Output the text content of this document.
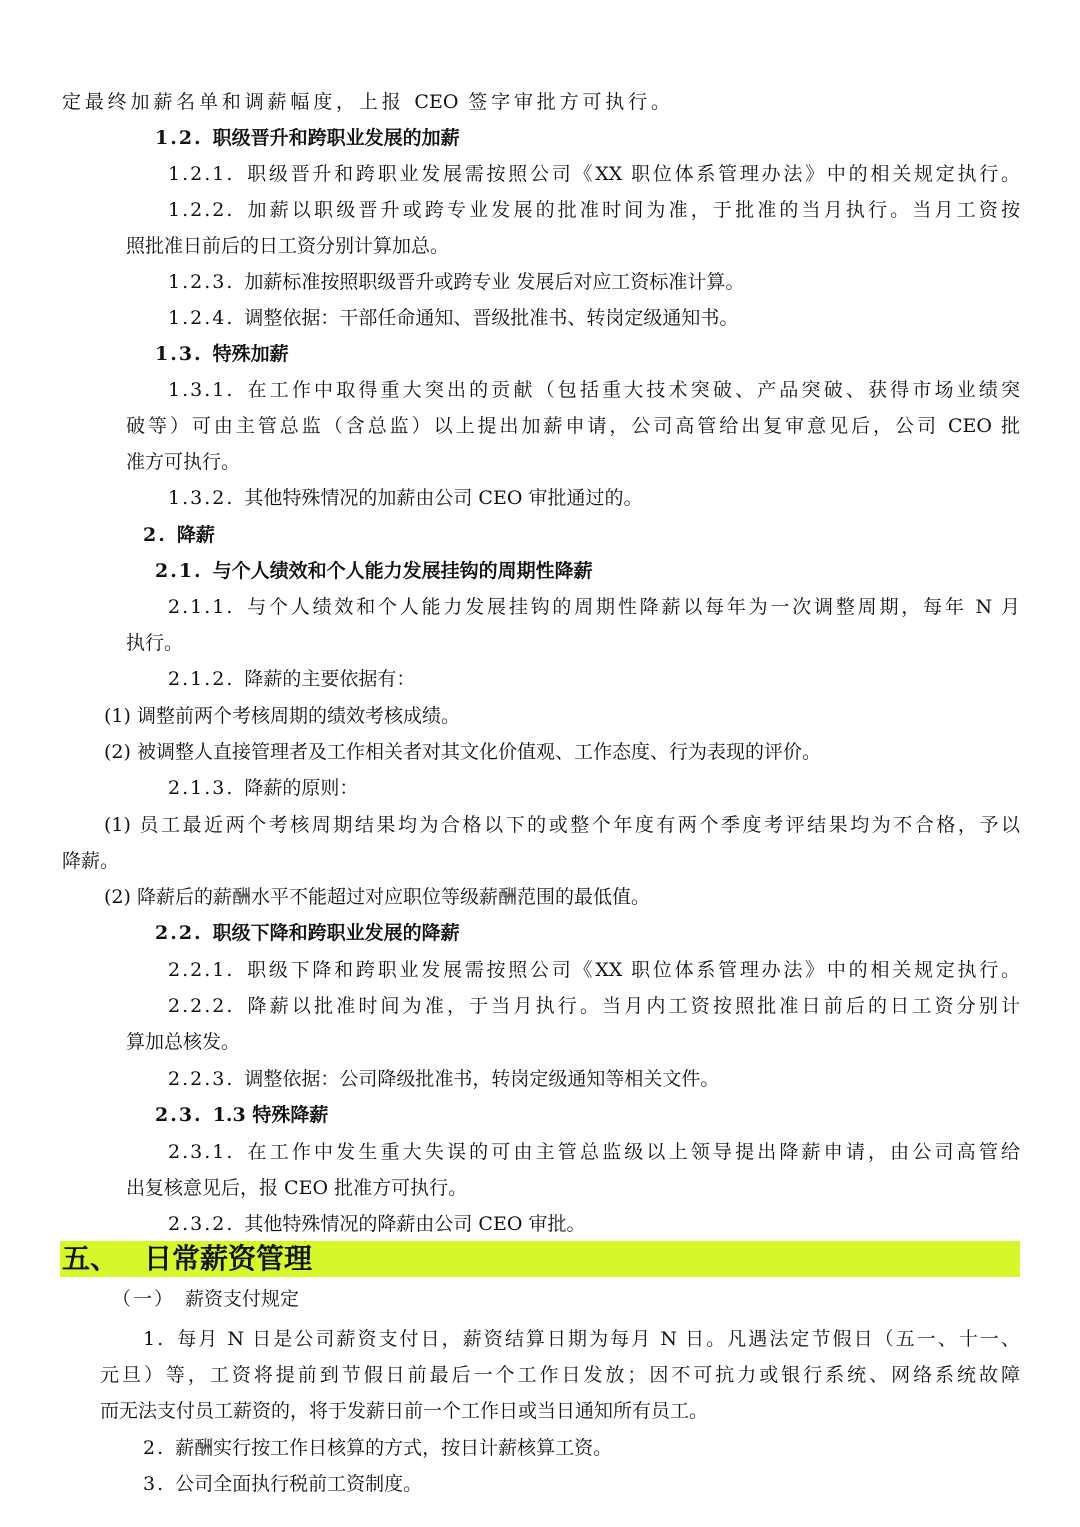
定最终加薪名单和调薪幅度，上报 CEO 签字审批方可执行。
1.2. 职级晋升和跨职业发展的加薪
1.2.1. 职级晋升和跨职业发展需按照公司《XX 职位体系管理办法》中的相关规定执行。
1.2.2. 加薪以职级晋升或跨专业发展的批准时间为准，于批准的当月执行。当月工资按
照批准日前后的日工资分别计算加总。
1.2.3. 加薪标准按照职级晋升或跨专业 发展后对应工资标准计算。
1.2.4. 调整依据：干部任命通知、晋级批准书、转岗定级通知书。
1.3. 特殊加薪
1.3.1. 在工作中取得重大突出的贡献（包括重大技术突破、产品突破、获得市场业绩突
破等）可由主管总监（含总监）以上提出加薪申请，公司高管给出复审意见后，公司 CEO 批
准方可执行。
1.3.2. 其他特殊情况的加薪由公司 CEO 审批通过的。
2. 降薪
2.1. 与个人绩效和个人能力发展挂钩的周期性降薪
2.1.1. 与个人绩效和个人能力发展挂钩的周期性降薪以每年为一次调整周期，每年 N 月
执行。
2.1.2. 降薪的主要依据有：
(1) 调整前两个考核周期的绩效考核成绩。
(2) 被调整人直接管理者及工作相关者对其文化价值观、工作态度、行为表现的评价。
2.1.3. 降薪的原则：
(1) 员工最近两个考核周期结果均为合格以下的或整个年度有两个季度考评结果均为不合格，予以
降薪。
(2) 降薪后的薪酬水平不能超过对应职位等级薪酬范围的最低值。
2.2. 职级下降和跨职业发展的降薪
2.2.1. 职级下降和跨职业发展需按照公司《XX 职位体系管理办法》中的相关规定执行。
2.2.2. 降薪以批准时间为准，于当月执行。当月内工资按照批准日前后的日工资分别计
算加总核发。
2.2.3. 调整依据：公司降级批准书，转岗定级通知等相关文件。
2.3. 1.3 特殊降薪
2.3.1. 在工作中发生重大失误的可由主管总监级以上领导提出降薪申请，由公司高管给
出复核意见后，报 CEO 批准方可执行。
2.3.2. 其他特殊情况的降薪由公司 CEO 审批。
五、 日常薪资管理
（一） 薪资支付规定
1. 每月 N 日是公司薪资支付日，薪资结算日期为每月 N 日。凡遇法定节假日（五一、十一、
元旦）等，工资将提前到节假日前最后一个工作日发放；因不可抗力或银行系统、网络系统故障
而无法支付员工薪资的，将于发薪日前一个工作日或当日通知所有员工。
2. 薪酬实行按工作日核算的方式，按日计薪核算工资。
3. 公司全面执行税前工资制度。
